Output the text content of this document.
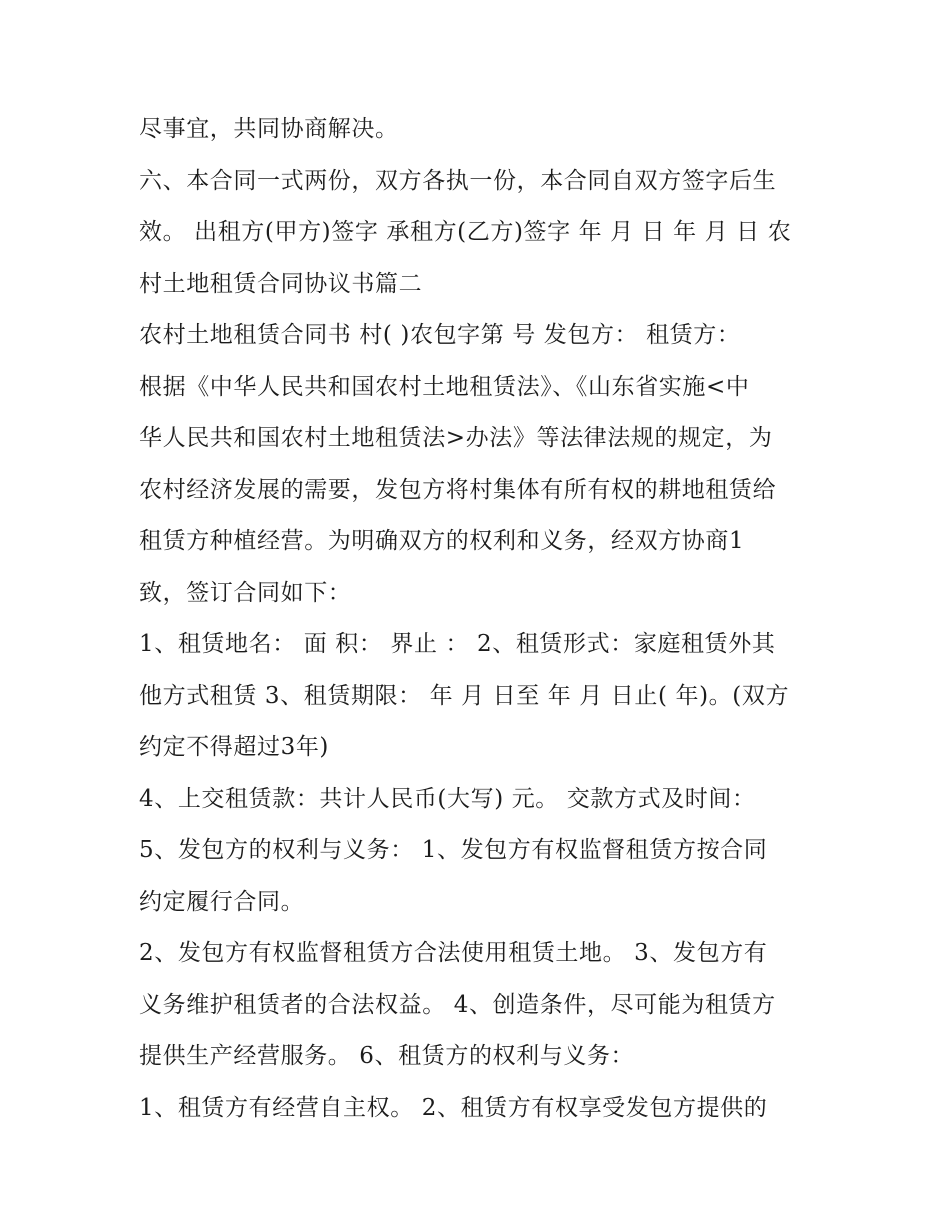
尽事宜，共同协商解决。
六、本合同一式两份，双方各执一份，本合同自双方签字后生
效。 出租方(甲方)签字 承租方(乙方)签字 年 月 日 年 月 日 农
村土地租赁合同协议书篇二
农村土地租赁合同书 村( )农包字第 号 发包方： 租赁方：
根据《中华人民共和国农村土地租赁法》、《山东省实施<中
华人民共和国农村土地租赁法>办法》等法律法规的规定，为
农村经济发展的需要，发包方将村集体有所有权的耕地租赁给
租赁方种植经营。为明确双方的权利和义务，经双方协商1
致，签订合同如下：
1、租赁地名： 面 积： 界止 ： 2、租赁形式：家庭租赁外其
他方式租赁 3、租赁期限： 年 月 日至 年 月 日止( 年)。(双方
约定不得超过3年)
4、上交租赁款：共计人民币(大写) 元。 交款方式及时间：
5、发包方的权利与义务： 1、发包方有权监督租赁方按合同
约定履行合同。
2、发包方有权监督租赁方合法使用租赁土地。 3、发包方有
义务维护租赁者的合法权益。 4、创造条件，尽可能为租赁方
提供生产经营服务。 6、租赁方的权利与义务：
1、租赁方有经营自主权。 2、租赁方有权享受发包方提供的
